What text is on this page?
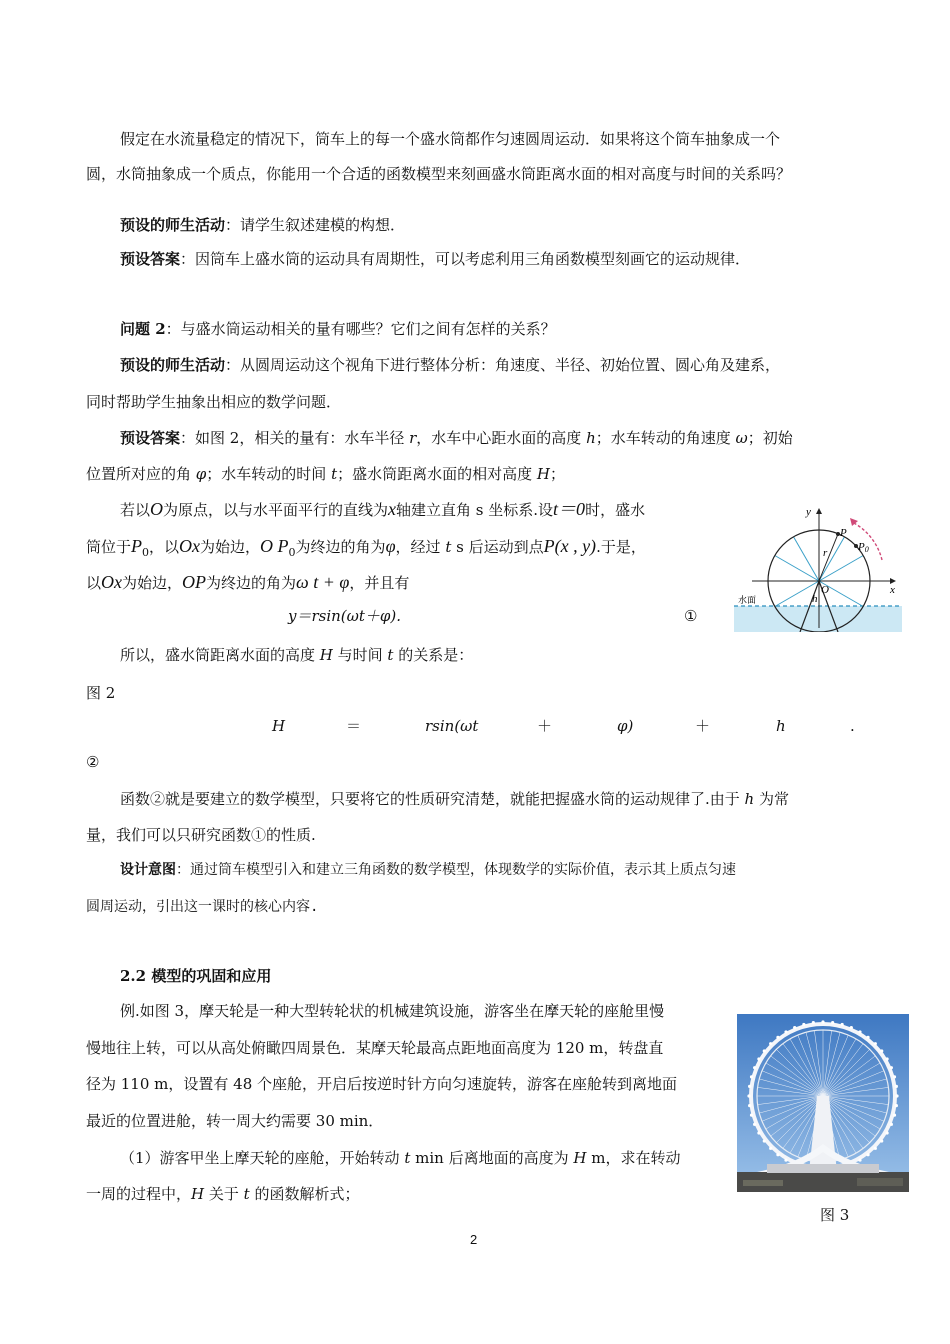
假定在水流量稳定的情况下，筒车上的每一个盛水筒都作匀速圆周运动．如果将这个筒车抽象成一个
圆，水筒抽象成一个质点，你能用一个合适的函数模型来刻画盛水筒距离水面的相对高度与时间的关系吗？
预设的师生活动：请学生叙述建模的构想．
预设答案：因筒车上盛水筒的运动具有周期性，可以考虑利用三角函数模型刻画它的运动规律．
问题 2：与盛水筒运动相关的量有哪些？它们之间有怎样的关系？
预设的师生活动：从圆周运动这个视角下进行整体分析：角速度、半径、初始位置、圆心角及建系，
同时帮助学生抽象出相应的数学问题．
预设答案：如图 2，相关的量有：水车半径 r，水车中心距水面的高度 h；水车转动的角速度 ω；初始
位置所对应的角 φ；水车转动的时间 t；盛水筒距离水面的相对高度 H；
若以O为原点，以与水平面平行的直线为x轴建立直角 s 坐标系.设t＝0时，盛水
筒位于$P_0$，以Ox为始边，O $P_0$为终边的角为φ，经过 t s 后运动到点P(x , y).于是，
以Ox为始边，OP为终边的角为ω t + φ，并且有
y＝rsin(ωt＋φ).	①
所以，盛水筒距离水面的高度 H 与时间 t 的关系是：
图 2
H	＝	rsin(ωt	＋	φ)	＋	h	.
②
函数②就是要建立的数学模型，只要将它的性质研究清楚，就能把握盛水筒的运动规律了.由于 h 为常
量，我们可以只研究函数①的性质.
设计意图：通过筒车模型引入和建立三角函数的数学模型，体现数学的实际价值，表示其上质点匀速
圆周运动，引出这一课时的核心内容.
2.2 模型的巩固和应用
例.如图 3，摩天轮是一种大型转轮状的机械建筑设施，游客坐在摩天轮的座舱里慢
慢地往上转，可以从高处俯瞰四周景色．某摩天轮最高点距地面高度为 120 m，转盘直
径为 110 m，设置有 48 个座舱，开启后按逆时针方向匀速旋转，游客在座舱转到离地面
最近的位置进舱，转一周大约需要 30 min．
（1）游客甲坐上摩天轮的座舱，开始转动 t min 后离地面的高度为 H m，求在转动
一周的过程中，H 关于 t 的函数解析式；
y
x
O
P
P0
r
h
水面
图 3
2
